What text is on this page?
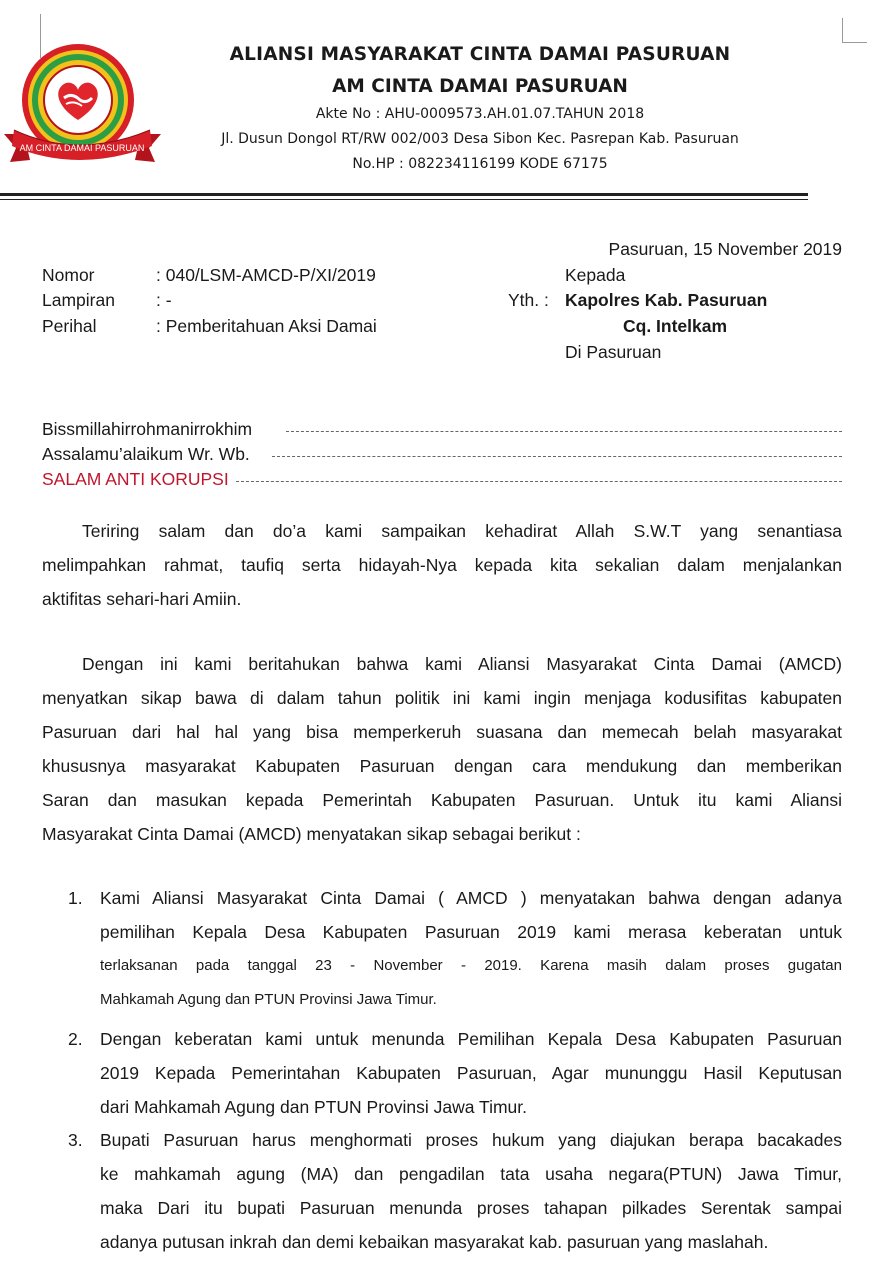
AM CINTA DAMAI PASURUAN
ALIANSI MASYARAKAT CINTA DAMAI PASURUAN
AM CINTA DAMAI PASURUAN
Akte No : AHU-0009573.AH.01.07.TAHUN 2018
Jl. Dusun Dongol RT/RW 002/003 Desa Sibon Kec. Pasrepan Kab. Pasuruan
No.HP : 082234116199 KODE 67175
Pasuruan, 15 November 2019
Nomor	: 040/LSM-AMCD-P/XI/2019
Lampiran : -
Perihal	: Pemberitahuan Aksi Damai
Kepada
Yth. : Kapolres Kab. Pasuruan
Cq. Intelkam
Di Pasuruan
Bissmillahirrohmanirrokhim
Assalamu’alaikum Wr. Wb.
SALAM ANTI KORUPSI
Teriring salam dan do’a kami sampaikan kehadirat Allah S.W.T yang senantiasa
melimpahkan rahmat, taufiq serta hidayah-Nya kepada kita sekalian dalam menjalankan
aktifitas sehari-hari Amiin.
Dengan ini kami beritahukan bahwa kami Aliansi Masyarakat Cinta Damai (AMCD)
menyatkan sikap bawa di dalam tahun politik ini kami ingin menjaga kodusifitas kabupaten
Pasuruan dari hal hal yang bisa memperkeruh suasana dan memecah belah masyarakat
khususnya masyarakat Kabupaten Pasuruan dengan cara mendukung dan memberikan
Saran dan masukan kepada Pemerintah Kabupaten Pasuruan. Untuk itu kami Aliansi
Masyarakat Cinta Damai (AMCD) menyatakan sikap sebagai berikut :
1. Kami Aliansi Masyarakat Cinta Damai ( AMCD ) menyatakan bahwa dengan adanya
pemilihan Kepala Desa Kabupaten Pasuruan 2019 kami merasa keberatan untuk
terlaksanan pada tanggal 23 - November - 2019. Karena masih dalam proses gugatan
Mahkamah Agung dan PTUN Provinsi Jawa Timur.
2. Dengan keberatan kami untuk menunda Pemilihan Kepala Desa Kabupaten Pasuruan
2019 Kepada Pemerintahan Kabupaten Pasuruan, Agar mununggu Hasil Keputusan
dari Mahkamah Agung dan PTUN Provinsi Jawa Timur.
3. Bupati Pasuruan harus menghormati proses hukum yang diajukan berapa bacakades
ke mahkamah agung (MA) dan pengadilan tata usaha negara(PTUN) Jawa Timur,
maka Dari itu bupati Pasuruan menunda proses tahapan pilkades Serentak sampai
adanya putusan inkrah dan demi kebaikan masyarakat kab. pasuruan yang maslahah.
